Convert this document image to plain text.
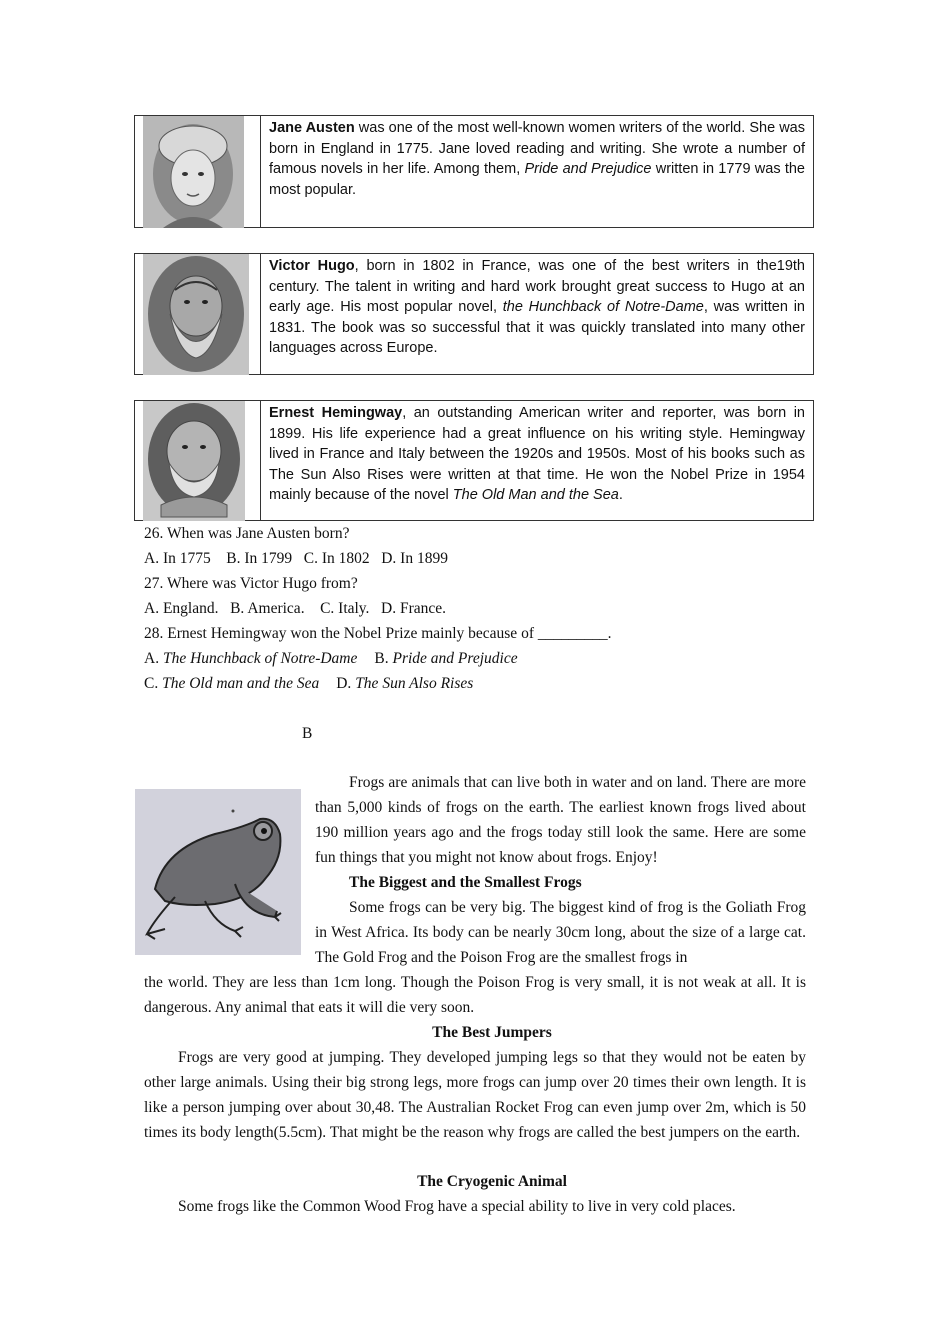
Jane Austen was one of the most well-known women writers of the world. She was born in England in 1775. Jane loved reading and writing. She wrote a number of famous novels in her life. Among them, Pride and Prejudice written in 1779 was the most popular.
Victor Hugo, born in 1802 in France, was one of the best writers in the19th century. The talent in writing and hard work brought great success to Hugo at an early age. His most popular novel, the Hunchback of Notre-Dame, was written in 1831. The book was so successful that it was quickly translated into many other languages across Europe.
Ernest Hemingway, an outstanding American writer and reporter, was born in 1899. His life experience had a great influence on his writing style. Hemingway lived in France and Italy between the 1920s and 1950s. Most of his books such as The Sun Also Rises were written at that time. He won the Nobel Prize in 1954 mainly because of the novel The Old Man and the Sea.
26. When was Jane Austen born?
A. In 1775    B. In 1799   C. In 1802   D. In 1899
27. Where was Victor Hugo from?
A. England.   B. America.    C. Italy.   D. France.
28. Ernest Hemingway won the Nobel Prize mainly because of _________.
A. The Hunchback of Notre-Dame B. Pride and Prejudice
C. The Old man and the Sea D. The Sun Also Rises
B
Frogs are animals that can live both in water and on land. There are more than 5,000 kinds of frogs on the earth. The earliest known frogs lived about 190 million years ago and the frogs today still look the same. Here are some fun things that you might not know about frogs. Enjoy!
The Biggest and the Smallest Frogs
Some frogs can be very big. The biggest kind of frog is the Goliath Frog in West Africa. Its body can be nearly 30cm long, about the size of a large cat. The Gold Frog and the Poison Frog are the smallest frogs in
the world. They are less than 1cm long. Though the Poison Frog is very small, it is not weak at all. It is dangerous. Any animal that eats it will die very soon.
The Best Jumpers
Frogs are very good at jumping. They developed jumping legs so that they would not be eaten by other large animals. Using their big strong legs, more frogs can jump over 20 times their own length. It is like a person jumping over about 30,48. The Australian Rocket Frog can even jump over 2m, which is 50 times its body length(5.5cm). That might be the reason why frogs are called the best jumpers on the earth.
The Cryogenic Animal
Some frogs like the Common Wood Frog have a special ability to live in very cold places.
